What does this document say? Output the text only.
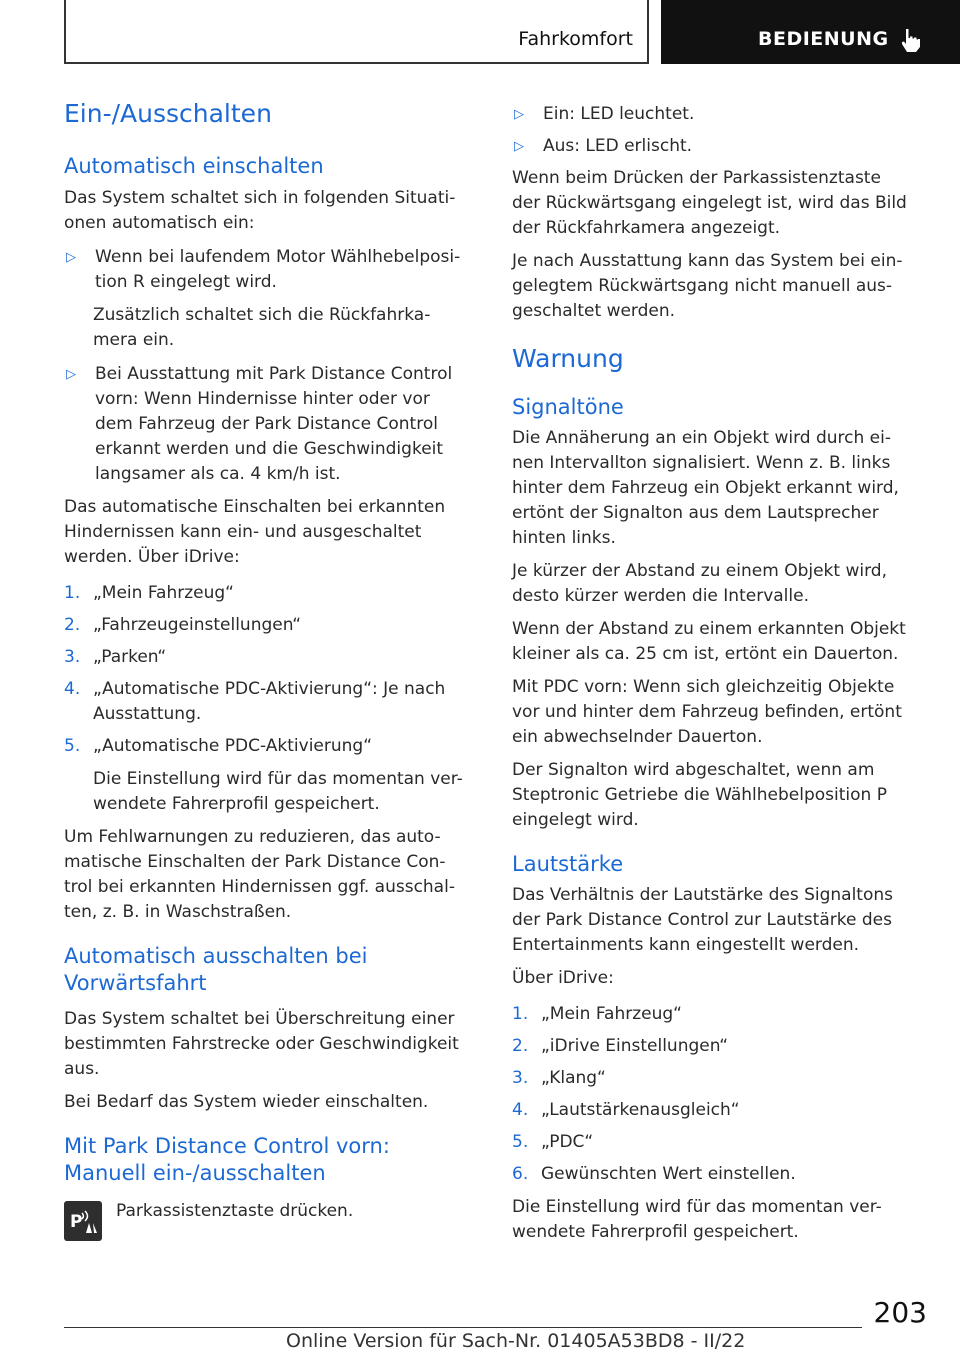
Fahrkomfort	BEDIENUNG
Ein-/Ausschalten
Automatisch einschalten
Das System schaltet sich in folgenden Situati-
onen automatisch ein:
▷	Wenn bei laufendem Motor Wählhebelposi-
tion R eingelegt wird.
Zusätzlich schaltet sich die Rückfahrka-
mera ein.
▷	Bei Ausstattung mit Park Distance Control
vorn: Wenn Hindernisse hinter oder vor
dem Fahrzeug der Park Distance Control
erkannt werden und die Geschwindigkeit
langsamer als ca. 4 km/h ist.
Das automatische Einschalten bei erkannten
Hindernissen kann ein- und ausgeschaltet
werden. Über iDrive:
1. „Mein Fahrzeug“
2. „Fahrzeugeinstellungen“
3. „Parken“
4. „Automatische PDC-Aktivierung“: Je nach
Ausstattung.
5. „Automatische PDC-Aktivierung“
Die Einstellung wird für das momentan ver-
wendete Fahrerprofil gespeichert.
Um Fehlwarnungen zu reduzieren, das auto-
matische Einschalten der Park Distance Con-
trol bei erkannten Hindernissen ggf. ausschal-
ten, z. B. in Waschstraßen.
Automatisch ausschalten bei
Vorwärtsfahrt
Das System schaltet bei Überschreitung einer
bestimmten Fahrstrecke oder Geschwindigkeit
aus.
Bei Bedarf das System wieder einschalten.
Mit Park Distance Control vorn:
Manuell ein-/ausschalten
P
Parkassistenztaste drücken.
▷	Ein: LED leuchtet.
▷	Aus: LED erlischt.
Wenn beim Drücken der Parkassistenztaste
der Rückwärtsgang eingelegt ist, wird das Bild
der Rückfahrkamera angezeigt.
Je nach Ausstattung kann das System bei ein-
gelegtem Rückwärtsgang nicht manuell aus-
geschaltet werden.
Warnung
Signaltöne
Die Annäherung an ein Objekt wird durch ei-
nen Intervallton signalisiert. Wenn z. B. links
hinter dem Fahrzeug ein Objekt erkannt wird,
ertönt der Signalton aus dem Lautsprecher
hinten links.
Je kürzer der Abstand zu einem Objekt wird,
desto kürzer werden die Intervalle.
Wenn der Abstand zu einem erkannten Objekt
kleiner als ca. 25 cm ist, ertönt ein Dauerton.
Mit PDC vorn: Wenn sich gleichzeitig Objekte
vor und hinter dem Fahrzeug befinden, ertönt
ein abwechselnder Dauerton.
Der Signalton wird abgeschaltet, wenn am
Steptronic Getriebe die Wählhebelposition P
eingelegt wird.
Lautstärke
Das Verhältnis der Lautstärke des Signaltons
der Park Distance Control zur Lautstärke des
Entertainments kann eingestellt werden.
Über iDrive:
1. „Mein Fahrzeug“
2. „iDrive Einstellungen“
3. „Klang“
4. „Lautstärkenausgleich“
5. „PDC“
6. Gewünschten Wert einstellen.
Die Einstellung wird für das momentan ver-
wendete Fahrerprofil gespeichert.
203
Online Version für Sach-Nr. 01405A53BD8 - II/22
